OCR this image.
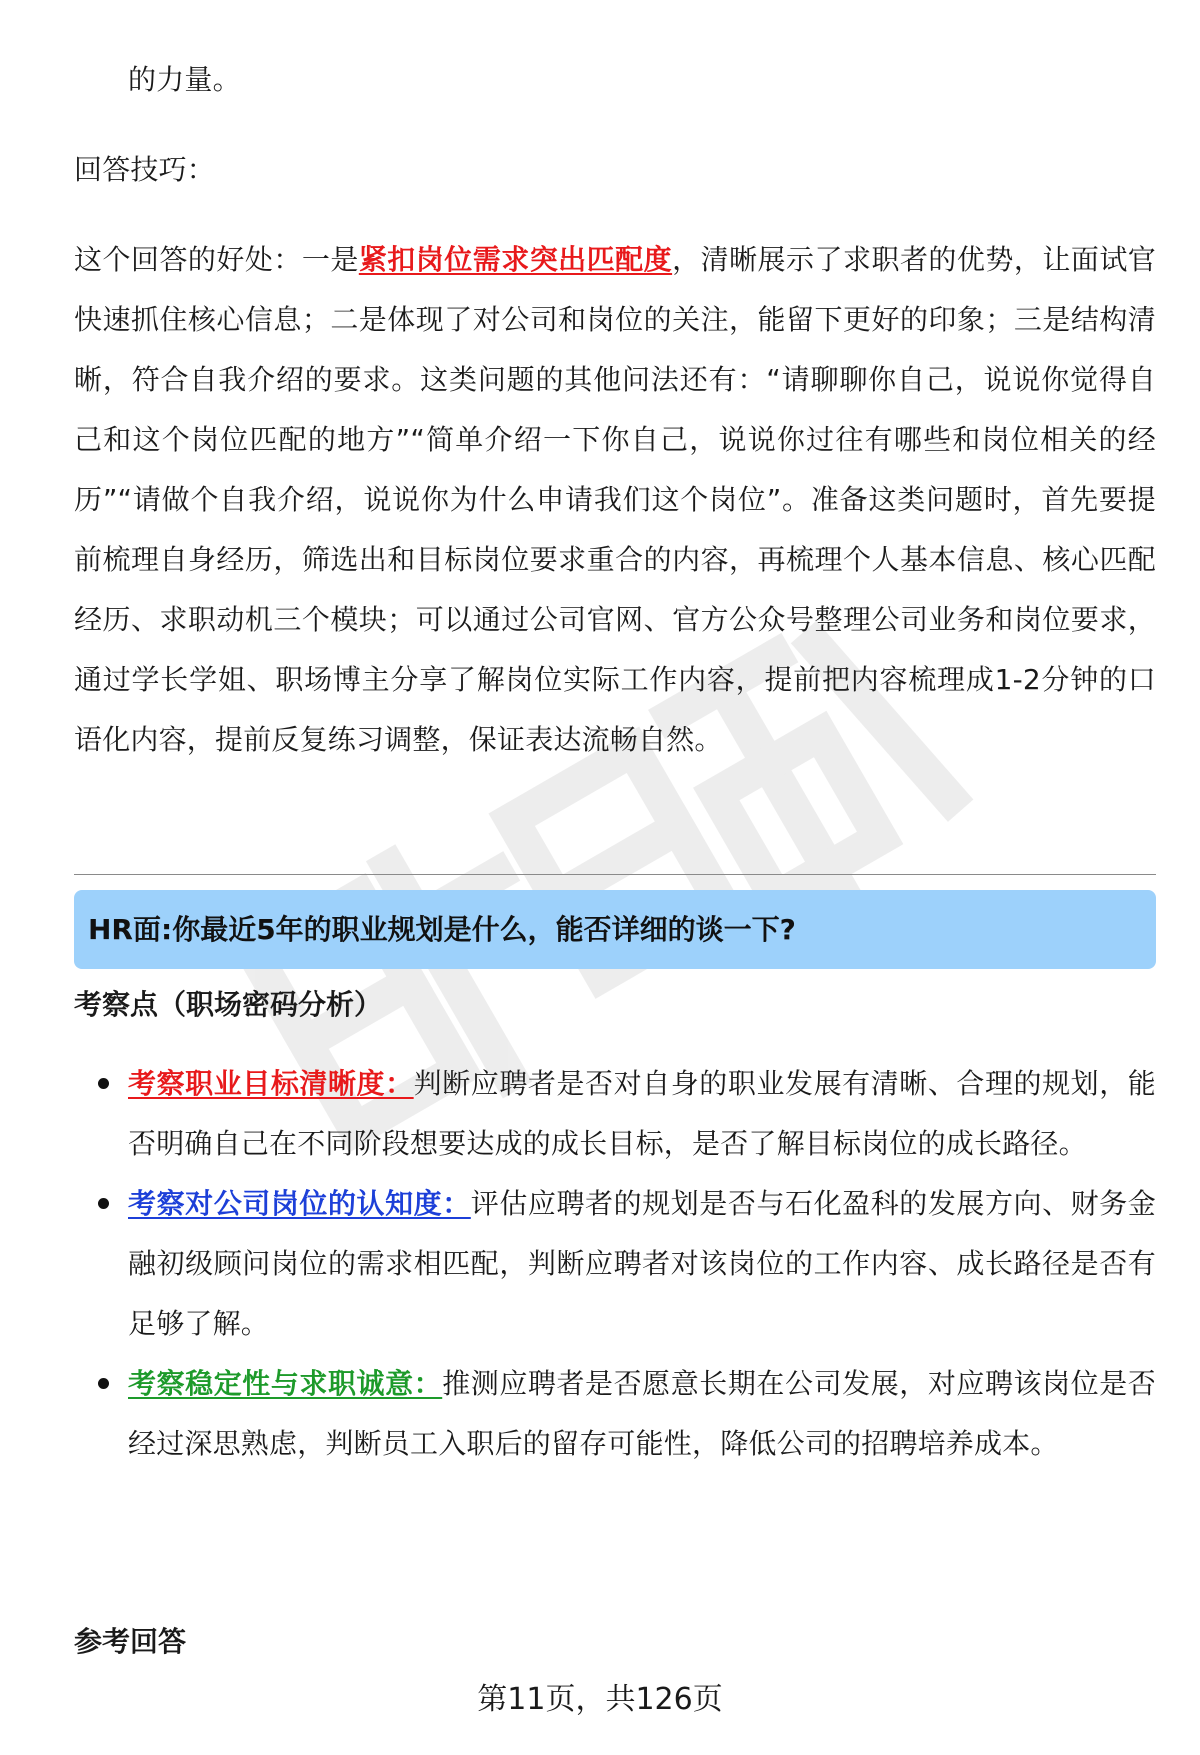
的力量。

回答技巧：

这个回答的好处：一是紧扣岗位需求突出匹配度，清晰展示了求职者的优势，让面试官快速抓住核心信息；二是体现了对公司和岗位的关注，能留下更好的印象；三是结构清晰，符合自我介绍的要求。这类问题的其他问法还有：“请聊聊你自己，说说你觉得自己和这个岗位匹配的地方”“简单介绍一下你自己，说说你过往有哪些和岗位相关的经历”“请做个自我介绍，说说你为什么申请我们这个岗位”。准备这类问题时，首先要提前梳理自身经历，筛选出和目标岗位要求重合的内容，再梳理个人基本信息、核心匹配经历、求职动机三个模块；可以通过公司官网、官方公众号整理公司业务和岗位要求，通过学长学姐、职场博主分享了解岗位实际工作内容，提前把内容梳理成1-2分钟的口语化内容，提前反复练习调整，保证表达流畅自然。

HR面:你最近5年的职业规划是什么，能否详细的谈一下?

考察点（职场密码分析）

考察职业目标清晰度：判断应聘者是否对自身的职业发展有清晰、合理的规划，能否明确自己在不同阶段想要达成的成长目标，是否了解目标岗位的成长路径。
考察对公司岗位的认知度：评估应聘者的规划是否与石化盈科的发展方向、财务金融初级顾问岗位的需求相匹配，判断应聘者对该岗位的工作内容、成长路径是否有足够了解。
考察稳定性与求职诚意：推测应聘者是否愿意长期在公司发展，对应聘该岗位是否经过深思熟虑，判断员工入职后的留存可能性，降低公司的招聘培养成本。

参考回答

第11页，共126页
